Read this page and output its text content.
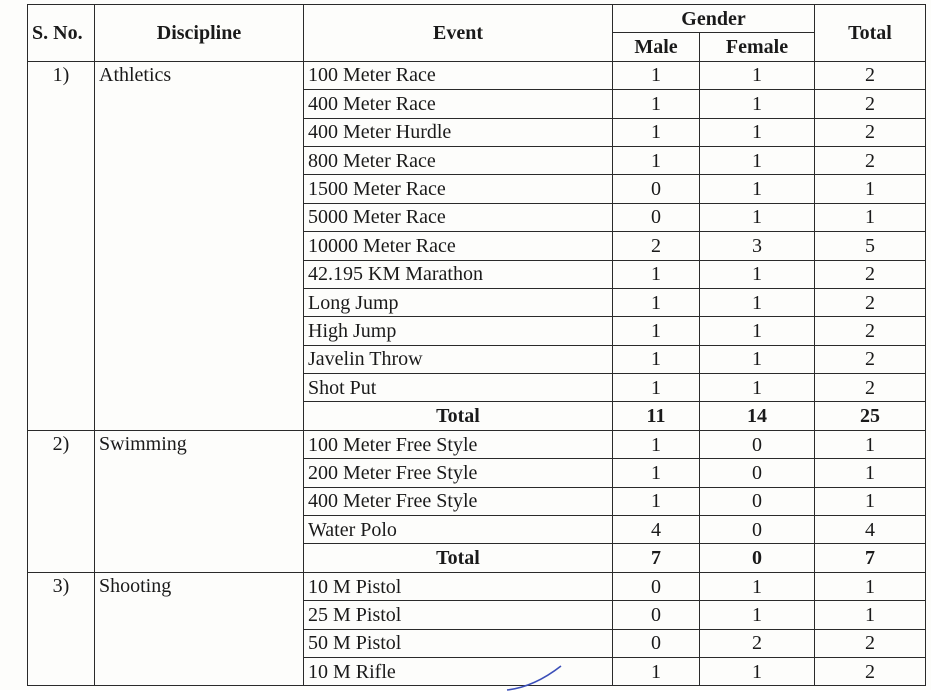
S. No.	Discipline	Event	Gender		Total
			Male	Female	
1)	Athletics	100 Meter Race	1	1	2
		400 Meter Race	1	1	2
		400 Meter Hurdle	1	1	2
		800 Meter Race	1	1	2
		1500 Meter Race	0	1	1
		5000 Meter Race	0	1	1
		10000 Meter Race	2	3	5
		42.195 KM Marathon	1	1	2
		Long Jump	1	1	2
		High Jump	1	1	2
		Javelin Throw	1	1	2
		Shot Put	1	1	2
		Total	11	14	25
2)	Swimming	100 Meter Free Style	1	0	1
		200 Meter Free Style	1	0	1
		400 Meter Free Style	1	0	1
		Water Polo	4	0	4
		Total	7	0	7
3)	Shooting	10 M Pistol	0	1	1
		25 M Pistol	0	1	1
		50 M Pistol	0	2	2
		10 M Rifle	1	1	2
